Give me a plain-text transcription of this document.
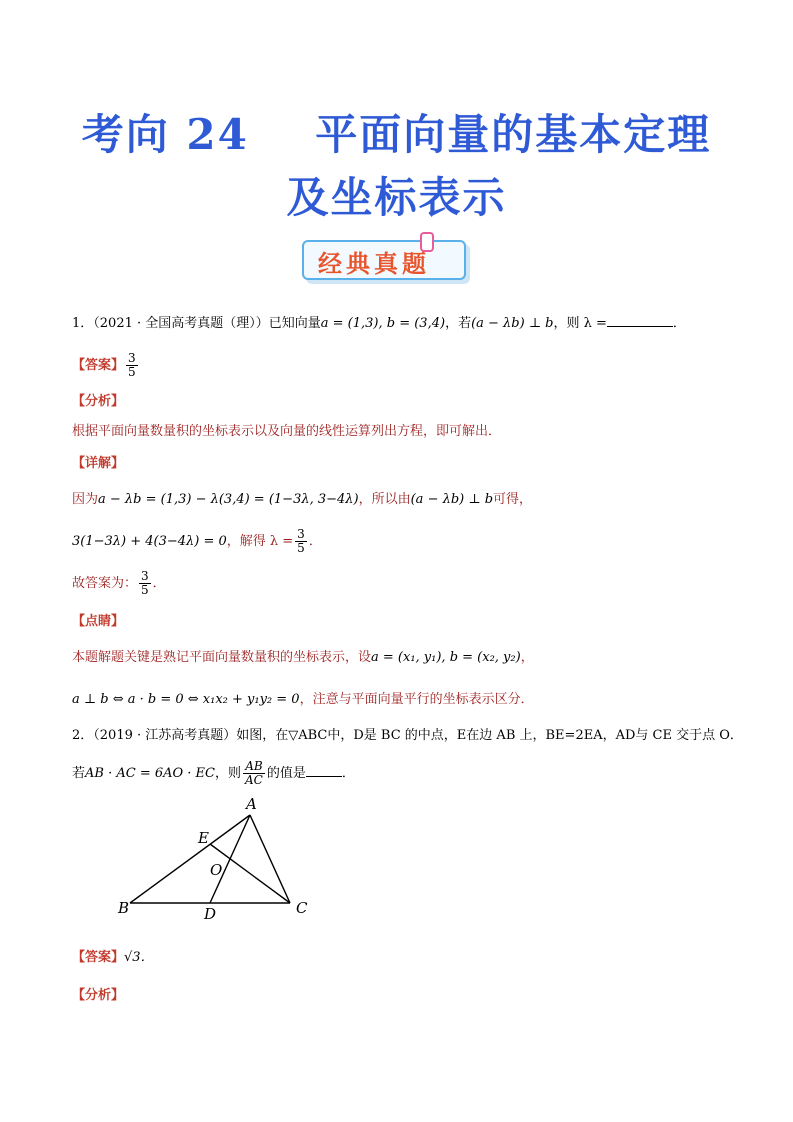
考向 24    平面向量的基本定理
及坐标表示
经典真题
1．（2021 · 全国高考真题（理））已知向量a = (1,3), b = (3,4)，若(a − λb) ⊥ b，则 λ =	．
【答案】 $\frac{3}{5}$
【分析】
根据平面向量数量积的坐标表示以及向量的线性运算列出方程，即可解出．
【详解】
因为a − λb = (1,3) − λ(3,4) = (1−3λ, 3−4λ)，所以由(a − λb) ⊥ b可得，
3(1−3λ) + 4(3−4λ) = 0，解得 $\lambda = \frac{3}{5}$ ．
故答案为： $\frac{3}{5}$ ．
【点睛】
本题解题关键是熟记平面向量数量积的坐标表示，设a = (x₁, y₁), b = (x₂, y₂)，
a ⊥ b ⇔ a · b = 0 ⇔ x₁x₂ + y₁y₂ = 0，注意与平面向量平行的坐标表示区分．
2．（2019 · 江苏高考真题）如图，在▽ABC中，D是 BC 的中点，E在边 AB 上，BE=2EA，AD与 CE 交于点 O．
若AB · AC = 6AO · EC，则 $\frac{AB}{AC}$ 的值是	．
A
B	C
D
E
O
【答案】√3．
【分析】
